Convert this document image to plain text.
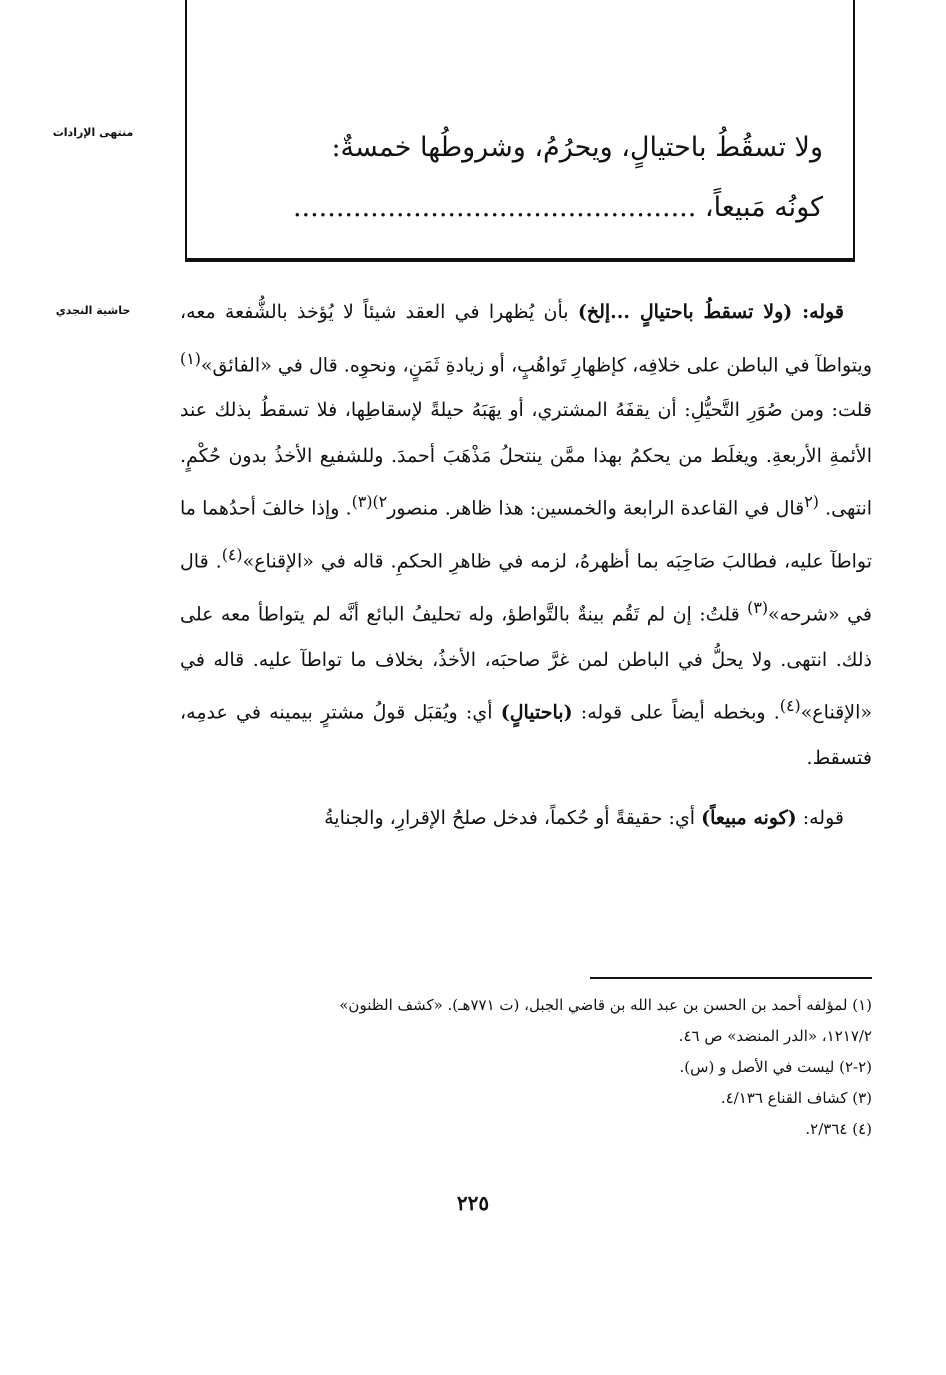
منتهى الإرادات
حاشية النجدي
ولا تسقُطُ باحتيالٍ، ويحرُمُ، وشروطُها خمسةٌ:
كونُه مَبيعاً، ...............................................

قوله: (ولا تسقطُ باحتيالٍ ...إلخ) بأن يُظهرا في العقد شيئاً لا يُؤخذ بالشُّفعة معه، ويتواطآ في الباطن على خلافِه، كإظهارِ تَواهُبٍ، أو زيادةِ ثَمَنٍ، ونحوِه. قال في «الفائق»$^{(١)}$ قلت: ومن صُوَرِ التَّحيُّلِ: أن يقفَهُ المشتري، أو يهَبَهُ حيلةً لإسقاطِها، فلا تسقطُ بذلك عند الأئمةِ الأربعةِ. ويغلَط من يحكمُ بهذا ممَّن ينتحلُ مَذْهَبَ أحمدَ. وللشفيع الأخذُ بدون حُكْمٍ. انتهى. $^{(٢}$قال في القاعدة الرابعة والخمسين: هذا ظاهر. منصور$^{٢)(٣)}$. وإذا خالفَ أحدُهما ما تواطآ عليه، فطالبَ صَاحِبَه بما أظهرهُ، لزمه في ظاهرِ الحكمِ. قاله في «الإقناع»$^{(٤)}$. قال في «شرحه»$^{(٣)}$ قلتُ: إن لم تَقُم بينةٌ بالتَّواطؤ، وله تحليفُ البائع أنَّه لم يتواطأ معه على ذلك. انتهى. ولا يحلُّ في الباطن لمن غرَّ صاحبَه، الأخذُ، بخلاف ما تواطآ عليه. قاله في «الإقناع»$^{(٤)}$. وبخطه أيضاً على قوله: (باحتيالٍ) أي: ويُقبَل قولُ مشترٍ بيمينه في عدمِه، فتسقط.

قوله: (كونه مبيعاً) أي: حقيقةً أو حُكماً، فدخل صلحُ الإقرارِ، والجنايةُ

(١) لمؤلفه أحمد بن الحسن بن عبد الله بن قاضي الجبل، (ت ٧٧١هـ). «كشف الظنون»
١٢١٧/٢، «الدر المنضد» ص ٤٦.
(٢-٢) ليست في الأصل و (س).
(٣) كشاف القناع ٤/١٣٦.
(٤) ٢/٣٦٤.
٢٢٥
